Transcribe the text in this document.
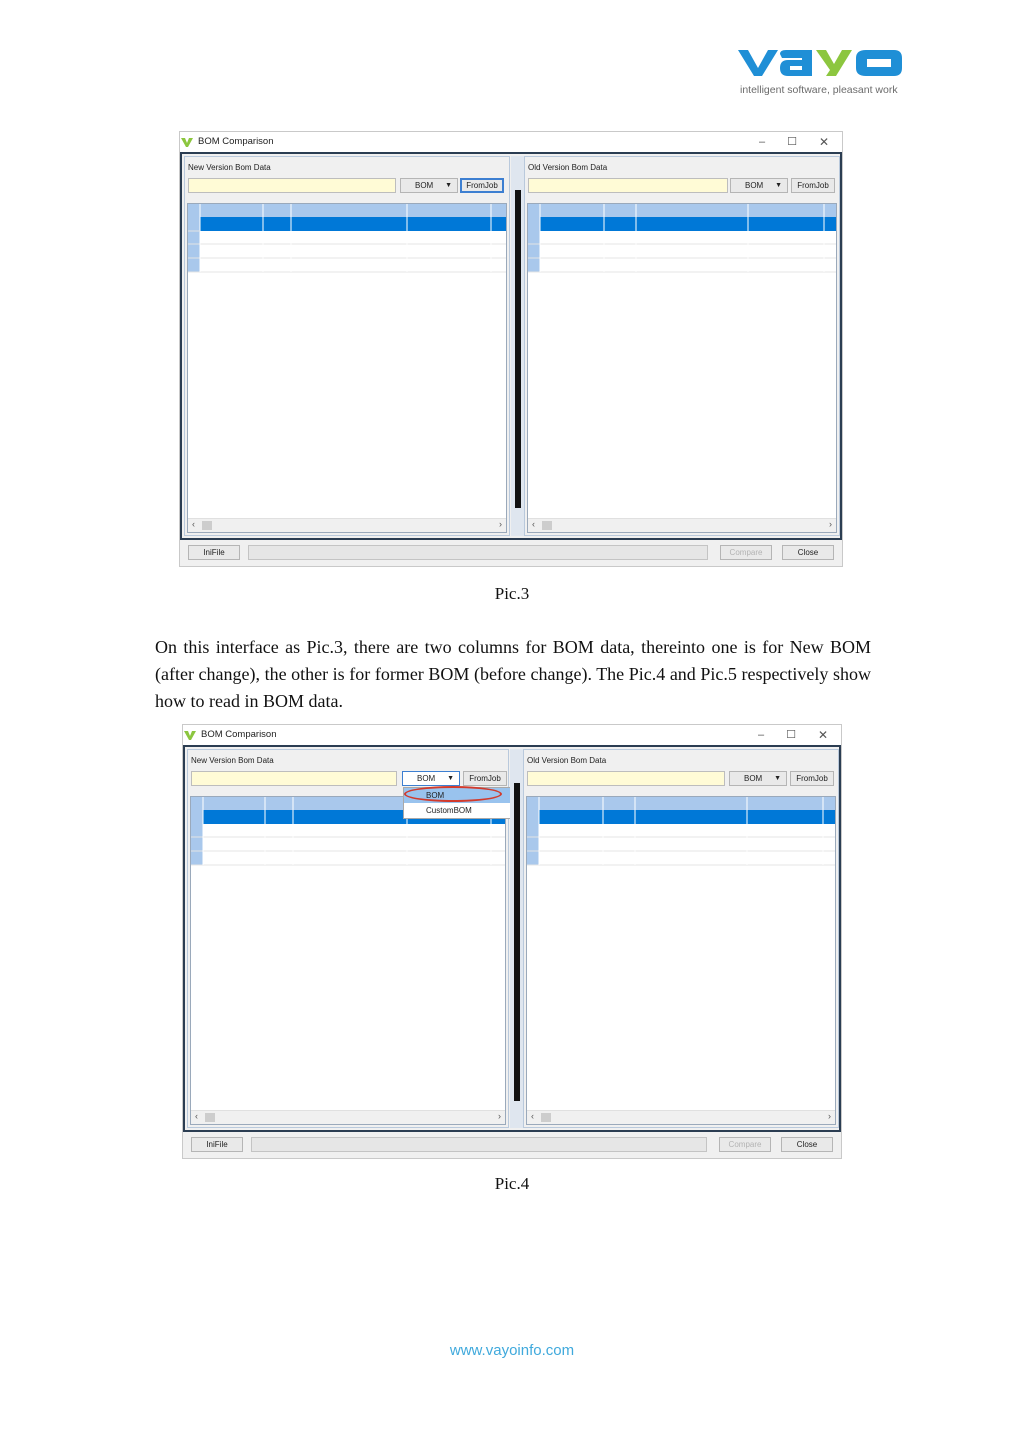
intelligent software, pleasant work
BOM Comparison	–	☐ ✕
New Version Bom Data
BOM ▼	FromJob
‹	›
Old Version Bom Data
BOM ▼	FromJob
‹	›
IniFile	Compare	Close
Pic.3

On this interface as Pic.3, there are two columns for BOM data, thereinto one is for New BOM (after change), the other is for former BOM (before change). The Pic.4 and Pic.5 respectively show how to read in BOM data.

BOM Comparison	–	☐ ✕
New Version Bom Data
‹	›
BOM ▼
BOM
CustomBOM
FromJob
Old Version Bom Data
BOM ▼	FromJob
‹	›
IniFile	Compare	Close
Pic.4
www.vayoinfo.com
